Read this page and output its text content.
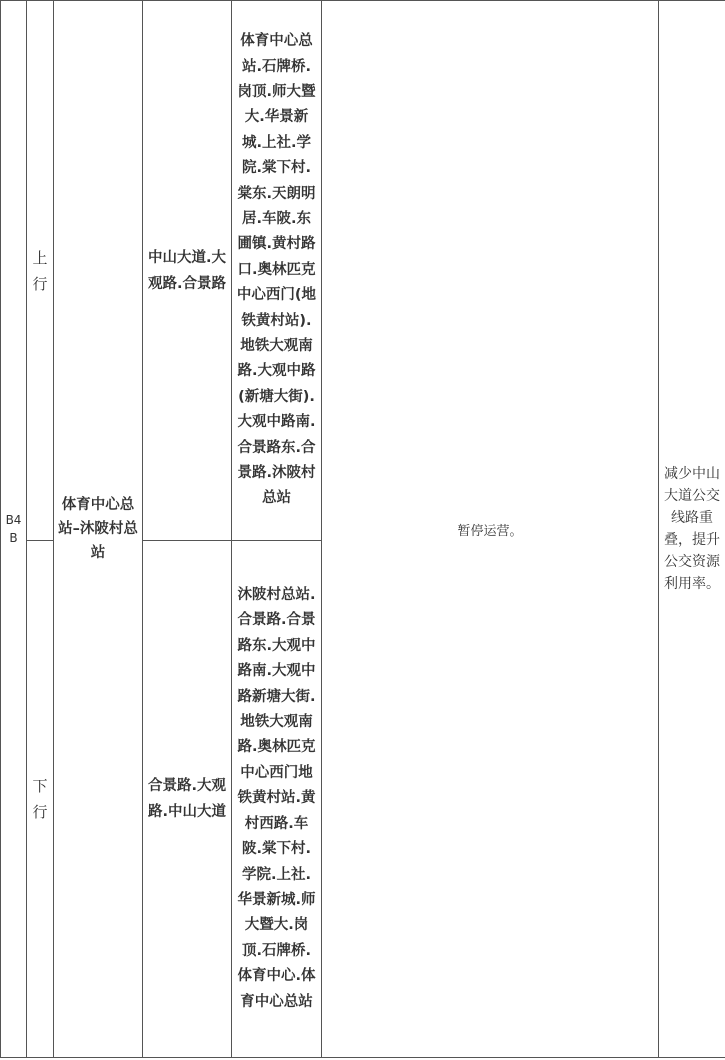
B4B	上行	体育中心总站–沐陂村总站	中山大道.大观路.合景路	体育中心总站.石牌桥.岗顶.师大暨大.华景新城.上社.学院.棠下村.棠东.天朗明居.车陂.东圃镇.黄村路口.奥林匹克中心西门(地铁黄村站).地铁大观南路.大观中路(新塘大街).大观中路南.合景路东.合景路.沐陂村总站	暂停运营。	减少中山大道公交线路重叠，提升公交资源利用率。
	下行		合景路.大观路.中山大道	沐陂村总站.合景路.合景路东.大观中路南.大观中路新塘大街.地铁大观南路.奥林匹克中心西门地铁黄村站.黄村西路.车陂.棠下村.学院.上社.华景新城.师大暨大.岗顶.石牌桥.体育中心.体育中心总站		
